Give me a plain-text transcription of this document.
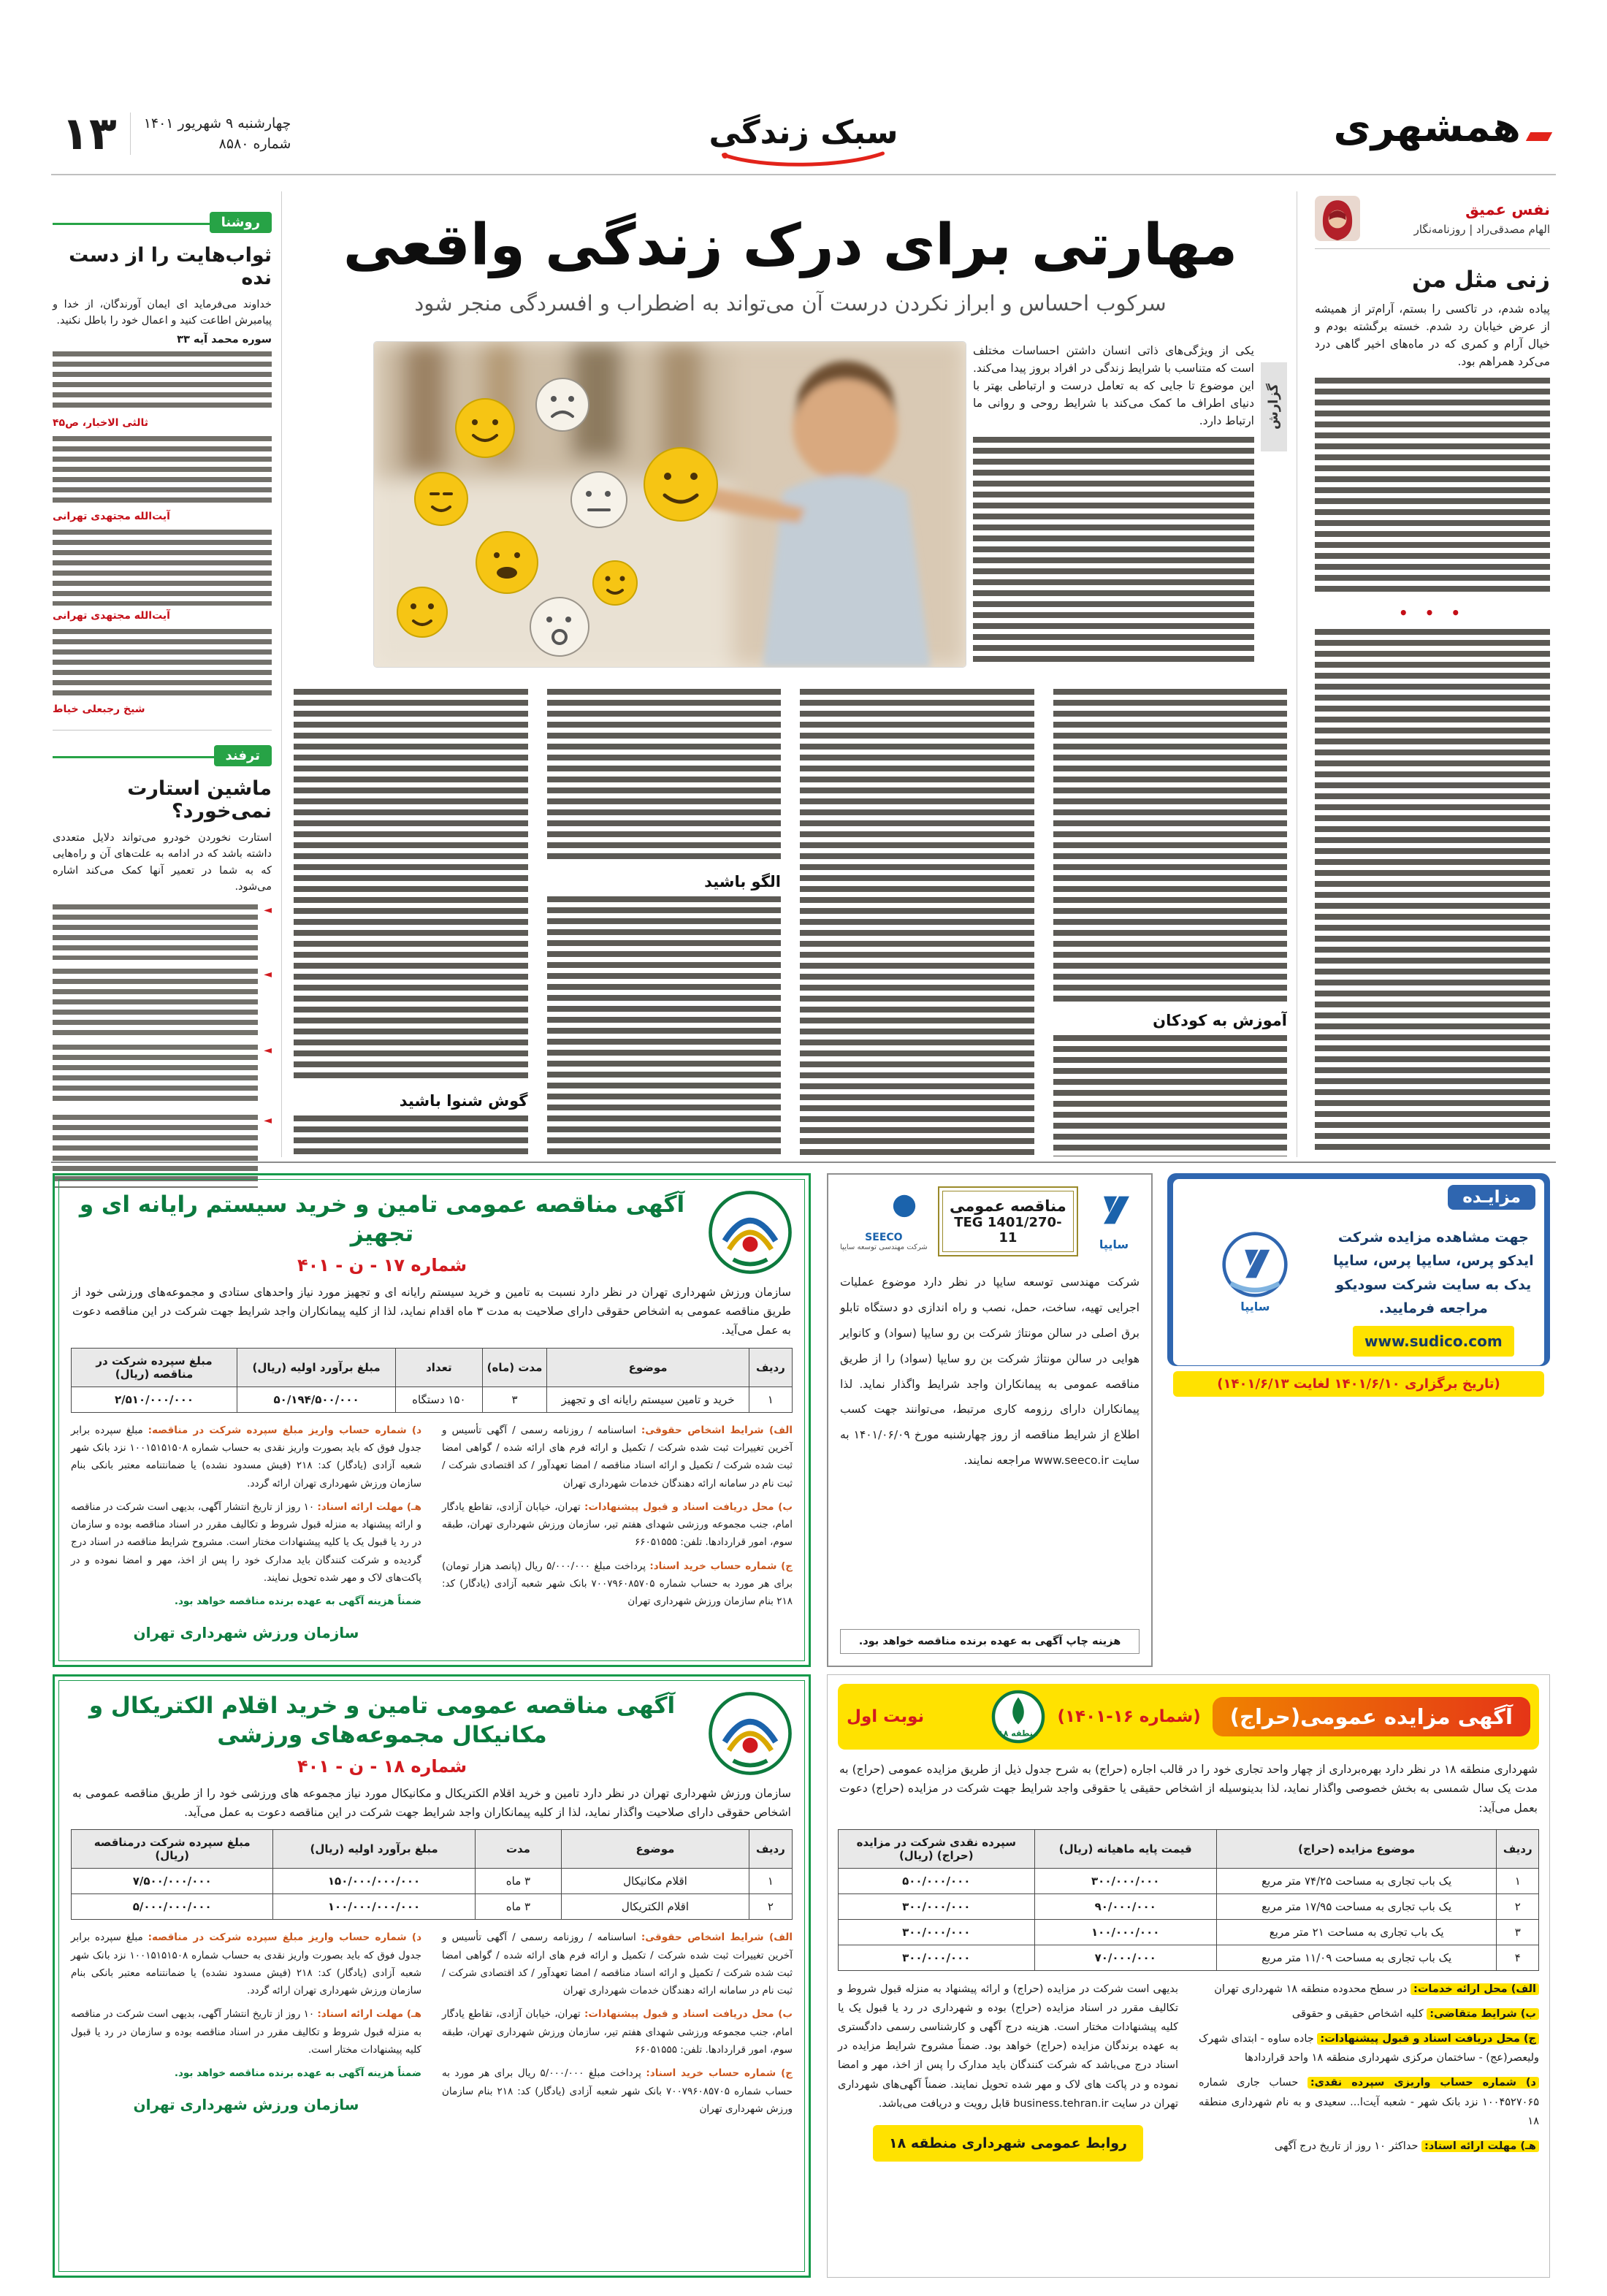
همشهری
۱۳ چهارشنبه ۹ شهریور ۱۴۰۱
شماره ۸۵۸۰	سبک زندگی
نفس عمیق
الهام مصدقی‌راد | روزنامه‌نگار
زنی مثل من

پیاده شدم، در تاکسی را بستم، آرام‌تر از همیشه از عرض خیابان رد شدم. خسته برگشته بودم و خیال آرام و کمری که در ماه‌های اخیر گاهی درد می‌کرد همراهم بود.

• • •
روشنا
ثواب‌هایت را از دست نده

خداوند می‌فرماید ای ایمان آورندگان، از خدا و پیامبرش اطاعت کنید و اعمال خود را باطل نکنید.

سوره محمد آیه ۳۳
ثالثی الاخبار، ص۴۵
آیت‌الله مجتهدی تهرانی
آیت‌الله مجتهدی تهرانی
شیخ رجبعلی خیاط
ترفند
ماشین استارت نمی‌خورد؟

استارت نخوردن خودرو می‌تواند دلایل متعددی داشته باشد که در ادامه به علت‌های آن و راه‌هایی که به شما در تعمیر آنها کمک می‌کند اشاره می‌شود.

◄
◄
◄
◄
مهارتی برای درک زندگی واقعی
سرکوب احساس و ابراز نکردن درست آن می‌تواند به اضطراب و افسردگی منجر شود

یکی از ویژگی‌های ذاتی انسان داشتن احساسات مختلف است که متناسب با شرایط زندگی در افراد بروز پیدا می‌کند. این موضوع تا جایی که به تعامل درست و ارتباطی بهتر با دنیای اطراف ما کمک می‌کند با شرایط روحی و روانی ما ارتباط دارد. گزارش
آموزش به کودکان
الگو باشید
گوش شنوا باشید
آگهی مناقصه عمومی تامین و خرید سیستم رایانه ای و تجهیز
شماره ۱۷ - ن - ۴۰۱

سازمان ورزش شهرداری تهران در نظر دارد نسبت به تامین و خرید سیستم رایانه ای و تجهیز مورد نیاز واحدهای ستادی و مجموعه‌های ورزشی خود از طریق مناقصه عمومی به اشخاص حقوقی دارای صلاحیت به مدت ۳ ماه اقدام نماید، لذا از کلیه پیمانکاران واجد شرایط جهت شرکت در این مناقصه دعوت به عمل می‌آید.

ردیف	موضوع	مدت (ماه)	تعداد	مبلغ برآورد اولیه (ریال)	مبلغ سپرده شرکت در مناقصه (ریال)
۱	خرید و تامین سیستم رایانه ای و تجهیز	۳	۱۵۰ دستگاه	۵۰/۱۹۴/۵۰۰/۰۰۰	۲/۵۱۰/۰۰۰/۰۰۰

الف) شرایط اشخاص حقوقی: اساسنامه / روزنامه رسمی / آگهی تأسیس و آخرین تغییرات ثبت شده شرکت / تکمیل و ارائه فرم های ارائه شده / گواهی امضا ثبت شده شرکت / تکمیل و ارائه اسناد مناقصه / امضا تعهدآور / کد اقتصادی شرکت / ثبت نام در سامانه ارائه دهندگان خدمات شهرداری تهران

ب) محل دریافت اسناد و قبول پیشنهادات: تهران، خیابان آزادی، تقاطع یادگار امام، جنب مجموعه ورزشی شهدای هفتم تیر، سازمان ورزش شهرداری تهران، طبقه سوم، امور قراردادها. تلفن: ۶۶۰۵۱۵۵۵

ج) شماره حساب خرید اسناد: پرداخت مبلغ ۵/۰۰۰/۰۰۰ ریال (پانصد هزار تومان) برای هر مورد به حساب شماره ۷۰۰۷۹۶۰۸۵۷۰۵ بانک شهر شعبه آزادی (یادگار) کد: ۲۱۸ بنام سازمان ورزش شهرداری تهران

د) شماره حساب واریز مبلغ سپرده شرکت در مناقصه: مبلغ سپرده برابر جدول فوق که باید بصورت واریز نقدی به حساب شماره ۱۰۰۱۵۱۵۱۵۰۸ نزد بانک شهر شعبه آزادی (یادگار) کد: ۲۱۸ (فیش مسدود نشده) یا ضمانتنامه معتبر بانکی بنام سازمان ورزش شهرداری تهران ارائه گردد.

هـ) مهلت ارائه اسناد: ۱۰ روز از تاریخ انتشار آگهی، بدیهی است شرکت در مناقصه و ارائه پیشنهاد به منزله قبول شروط و تکالیف مقرر در اسناد مناقصه بوده و سازمان در رد یا قبول یک یا کلیه پیشنهادات مختار است. مشروح شرایط مناقصه در اسناد درج گردیده و شرکت کنندگان باید مدارک خود را پس از اخذ، مهر و امضا نموده و در پاکت‌های لاک و مهر شده تحویل نمایند.

ضمناً هزینه آگهی به عهده برنده مناقصه خواهد بود.

سازمان ورزش شهرداری تهران
سایپا
مناقصه عمومی
TEG 1401/270-11
SEECO
شرکت مهندسی توسعه سایپا

شرکت مهندسی توسعه سایپا در نظر دارد موضوع عملیات اجرایی تهیه، ساخت، حمل، نصب و راه اندازی دو دستگاه تابلو برق اصلی در سالن مونتاژ شرکت بن رو سایپا (سواد) و کانوایر هوایی در سالن مونتاژ شرکت بن رو سایپا (سواد) را از طریق مناقصه عمومی به پیمانکاران واجد شرایط واگذار نماید. لذا پیمانکاران دارای رزومه کاری مرتبط، می‌توانند جهت کسب اطلاع از شرایط مناقصه از روز چهارشنبه مورخ ۱۴۰۱/۰۶/۰۹ به سایت www.seeco.ir مراجعه نمایند.

هزینه چاپ آگهی به عهده برنده مناقصه خواهد بود.
مزایـده
جهت مشاهده مزایده شرکت ایدکو پرس، سایپا پرس، سایپا یدک به سایت شرکت سودیکو مراجعه فرمایید.
www.sudico.com
سایپا
(تاریخ برگزاری ۱۴۰۱/۶/۱۰ لغایت ۱۴۰۱/۶/۱۳)
آگهی مزایده عمومی(حراج)
(شماره ۱۶-۱۴۰۱)
منطقه ۱۸
نوبت اول

شهرداری منطقه ۱۸ در نظر دارد بهره‌برداری از چهار واحد تجاری خود را در قالب اجاره (حراج) به شرح جدول ذیل از طریق مزایده عمومی (حراج) به مدت یک سال شمسی به بخش خصوصی واگذار نماید، لذا بدینوسیله از اشخاص حقیقی یا حقوقی واجد شرایط جهت شرکت در مزایده (حراج) دعوت بعمل می‌آید:

ردیف	موضوع مزایده (حراج)	قیمت پایه ماهیانه (ریال)	سپرده نقدی شرکت در مزایده (حراج) (ریال)
۱	یک باب تجاری به مساحت ۷۴/۲۵ متر مربع	۳۰۰/۰۰۰/۰۰۰	۵۰۰/۰۰۰/۰۰۰
۲	یک باب تجاری به مساحت ۱۷/۹۵ متر مربع	۹۰/۰۰۰/۰۰۰	۳۰۰/۰۰۰/۰۰۰
۳	یک باب تجاری به مساحت ۲۱ متر مربع	۱۰۰/۰۰۰/۰۰۰	۳۰۰/۰۰۰/۰۰۰
۴	یک باب تجاری به مساحت ۱۱/۰۹ متر مربع	۷۰/۰۰۰/۰۰۰	۳۰۰/۰۰۰/۰۰۰

الف) محل ارائه خدمات: در سطح محدوده منطقه ۱۸ شهرداری تهران

ب) شرایط متقاضی: کلیه اشخاص حقیقی و حقوقی

ج) محل دریافت اسناد و قبول پیشنهادات: جاده ساوه - ابتدای شهرک ولیعصر(عج) - ساختمان مرکزی شهرداری منطقه ۱۸ واحد قراردادها

د) شماره حساب واریزی سپرده نقدی: حساب جاری شماره ۱۰۰۴۵۲۷۰۶۵ نزد بانک شهر - شعبه آیت‌ا... سعیدی و به نام شهرداری منطقه ۱۸

هـ) مهلت ارائه اسناد: حداکثر ۱۰ روز از تاریخ درج آگهی

بدیهی است شرکت در مزایده (حراج) و ارائه پیشنهاد به منزله قبول شروط و تکالیف مقرر در اسناد مزایده (حراج) بوده و شهرداری در رد یا قبول یک یا کلیه پیشنهادات مختار است. هزینه درج آگهی و کارشناسی رسمی دادگستری به عهده برندگان مزایده (حراج) خواهد بود. ضمناً مشروح شرایط مزایده در اسناد درج می‌باشد که شرکت کنندگان باید مدارک را پس از اخذ، مهر و امضا نموده و در پاکت های لاک و مهر شده تحویل نمایند. ضمناً آگهی‌های شهرداری تهران در سایت business.tehran.ir قابل رویت و دریافت می‌باشد.

روابط عمومی شهرداری منطقه ۱۸
آگهی مناقصه عمومی تامین و خرید اقلام الکتریکال و مکانیکال مجموعه‌های ورزشی
شماره ۱۸ - ن - ۴۰۱

سازمان ورزش شهرداری تهران در نظر دارد تامین و خرید اقلام الکتریکال و مکانیکال مورد نیاز مجموعه های ورزشی خود را از طریق مناقصه عمومی به اشخاص حقوقی دارای صلاحیت واگذار نماید، لذا از کلیه پیمانکاران واجد شرایط جهت شرکت در این مناقصه دعوت به عمل می‌آید.

ردیف	موضوع	مدت	مبلغ برآورد اولیه (ریال)	مبلغ سپرده شرکت درمناقصه (ریال)
۱	اقلام مکانیکال	۳ ماه	۱۵۰/۰۰۰/۰۰۰/۰۰۰	۷/۵۰۰/۰۰۰/۰۰۰
۲	اقلام الکتریکال	۳ ماه	۱۰۰/۰۰۰/۰۰۰/۰۰۰	۵/۰۰۰/۰۰۰/۰۰۰

الف) شرایط اشخاص حقوقی: اساسنامه / روزنامه رسمی / آگهی تأسیس و آخرین تغییرات ثبت شده شرکت / تکمیل و ارائه فرم های ارائه شده / گواهی امضا ثبت شده شرکت / تکمیل و ارائه اسناد مناقصه / امضا تعهدآور / کد اقتصادی شرکت / ثبت نام در سامانه ارائه دهندگان خدمات شهرداری تهران

ب) محل دریافت اسناد و قبول پیشنهادات: تهران، خیابان آزادی، تقاطع یادگار امام، جنب مجموعه ورزشی شهدای هفتم تیر، سازمان ورزش شهرداری تهران، طبقه سوم، امور قراردادها. تلفن: ۶۶۰۵۱۵۵۵

ج) شماره حساب خرید اسناد: پرداخت مبلغ ۵/۰۰۰/۰۰۰ ریال برای هر مورد به حساب شماره ۷۰۰۷۹۶۰۸۵۷۰۵ بانک شهر شعبه آزادی (یادگار) کد: ۲۱۸ بنام سازمان ورزش شهرداری تهران

د) شماره حساب واریز مبلغ سپرده شرکت در مناقصه: مبلغ سپرده برابر جدول فوق که باید بصورت واریز نقدی به حساب شماره ۱۰۰۱۵۱۵۱۵۰۸ نزد بانک شهر شعبه آزادی (یادگار) کد: ۲۱۸ (فیش مسدود نشده) یا ضمانتنامه معتبر بانکی بنام سازمان ورزش شهرداری تهران ارائه گردد.

هـ) مهلت ارائه اسناد: ۱۰ روز از تاریخ انتشار آگهی، بدیهی است شرکت در مناقصه به منزله قبول شروط و تکالیف مقرر در اسناد مناقصه بوده و سازمان در رد یا قبول کلیه پیشنهادات مختار است.

ضمناً هزینه آگهی به عهده برنده مناقصه خواهد بود.

سازمان ورزش شهرداری تهران
